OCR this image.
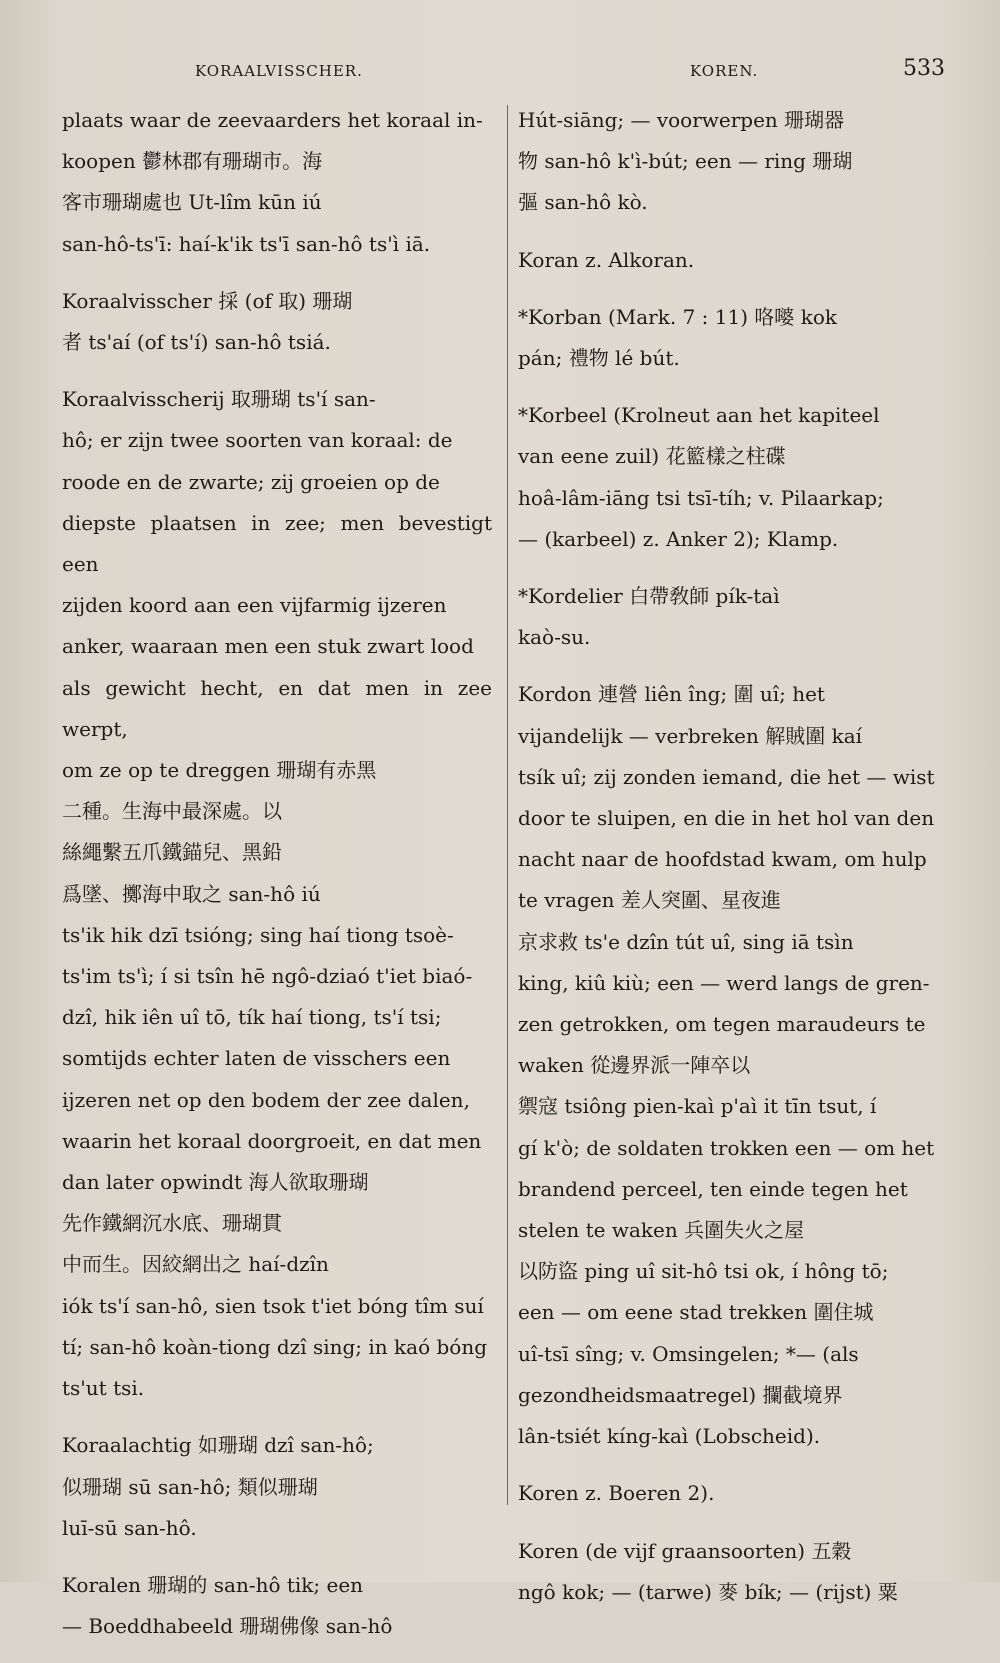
KORAALVISSCHER.	KOREN.	533

plaats waar de zeevaarders het koraal in-
koopen 鬱林郡有珊瑚市。海
客市珊瑚處也 Ut-lîm kūn iú
san-hô-ts'ī: haí-k'ik ts'ī san-hô ts'ì iā.

Koraalvisscher 採 (of 取) 珊瑚
者 ts'aí (of ts'í) san-hô tsiá.

Koraalvisscherij 取珊瑚 ts'í san-
hô; er zijn twee soorten van koraal: de
roode en de zwarte; zij groeien op de
diepste plaatsen in zee; men bevestigt een
zijden koord aan een vijfarmig ijzeren
anker, waaraan men een stuk zwart lood
als gewicht hecht, en dat men in zee werpt,
om ze op te dreggen 珊瑚有赤黑
二種。生海中最深處。以
絲繩繫五爪鐵錨兒、黑鉛
爲墜、擲海中取之 san-hô iú
ts'ik hik dzī tsióng; sing haí tiong tsoè-
ts'im ts'ì; í si tsîn hē ngô-dziaó t'iet biaó-
dzî, hik iên uî tō, tík haí tiong, ts'í tsi;
somtijds echter laten de visschers een
ijzeren net op den bodem der zee dalen,
waarin het koraal doorgroeit, en dat men
dan later opwindt 海人欲取珊瑚
先作鐵網沉水底、珊瑚貫
中而生。因絞網出之 haí-dzîn
iók ts'í san-hô, sien tsok t'iet bóng tîm suí
tí; san-hô koàn-tiong dzî sing; in kaó bóng
ts'ut tsi.

Koraalachtig 如珊瑚 dzî san-hô;
似珊瑚 sū san-hô; 類似珊瑚
luī-sū san-hô.

Koralen 珊瑚的 san-hô tik; een
— Boeddhabeeld 珊瑚佛像 san-hô

Hút-siāng; — voorwerpen 珊瑚器
物 san-hô k'ì-bút; een — ring 珊瑚
彄 san-hô kò.

Koran z. Alkoran.

*Korban (Mark. 7 : 11) 咯嘙 kok
pán; 禮物 lé bút.

*Korbeel (Krolneut aan het kapiteel
van eene zuil) 花籃樣之柱碟
hoâ-lâm-iāng tsi tsī-tíh; v. Pilaarkap;
— (karbeel) z. Anker 2); Klamp.

*Kordelier 白帶敎師 pík-taì
kaò-su.

Kordon 連營 liên îng; 圍 uî; het
vijandelijk — verbreken 解賊圍 kaí
tsík uî; zij zonden iemand, die het — wist
door te sluipen, en die in het hol van den
nacht naar de hoofdstad kwam, om hulp
te vragen 差人突圍、星夜進
京求救 ts'e dzîn tút uî, sing iā tsìn
king, kiû kiù; een — werd langs de gren-
zen getrokken, om tegen maraudeurs te
waken 從邊界派一陣卒以
禦寇 tsiông pien-kaì p'aì it tīn tsut, í
gí k'ò; de soldaten trokken een — om het
brandend perceel, ten einde tegen het
stelen te waken 兵圍失火之屋
以防盜 ping uî sit-hô tsi ok, í hông tō;
een — om eene stad trekken 圍住城
uî-tsī sîng; v. Omsingelen; *— (als
gezondheidsmaatregel) 攔截境界
lân-tsiét kíng-kaì (Lobscheid).

Koren z. Boeren 2).

Koren (de vijf graansoorten) 五穀
ngô kok; — (tarwe) 麥 bík; — (rijst) 粟
